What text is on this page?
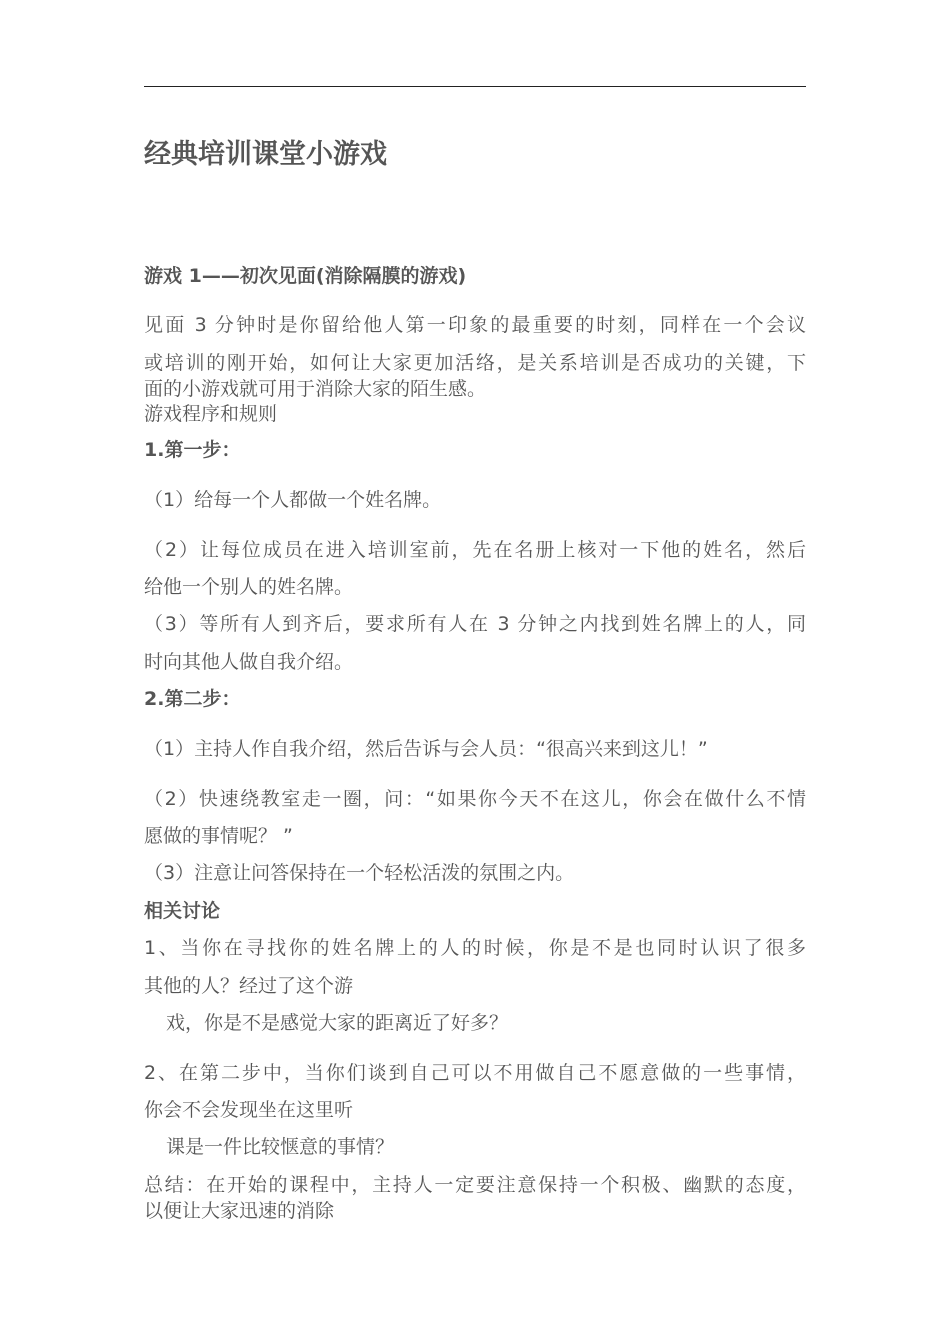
经典培训课堂小游戏
游戏 1——初次见面(消除隔膜的游戏)
见面 3 分钟时是你留给他人第一印象的最重要的时刻，同样在一个会议
或培训的刚开始，如何让大家更加活络，是关系培训是否成功的关键，下
面的小游戏就可用于消除大家的陌生感。
游戏程序和规则
1.第一步：
（1）给每一个人都做一个姓名牌。
（2）让每位成员在进入培训室前，先在名册上核对一下他的姓名，然后
给他一个别人的姓名牌。
（3）等所有人到齐后，要求所有人在 3 分钟之内找到姓名牌上的人，同
时向其他人做自我介绍。
2.第二步：
（1）主持人作自我介绍，然后告诉与会人员：“很高兴来到这儿！”
（2）快速绕教室走一圈，问：“如果你今天不在这儿，你会在做什么不情
愿做的事情呢？ ”
（3）注意让问答保持在一个轻松活泼的氛围之内。
相关讨论
1、当你在寻找你的姓名牌上的人的时候，你是不是也同时认识了很多
其他的人？经过了这个游
戏，你是不是感觉大家的距离近了好多？
2、在第二步中，当你们谈到自己可以不用做自己不愿意做的一些事情，
你会不会发现坐在这里听
课是一件比较惬意的事情？
总结：在开始的课程中，主持人一定要注意保持一个积极、幽默的态度，
以便让大家迅速的消除
